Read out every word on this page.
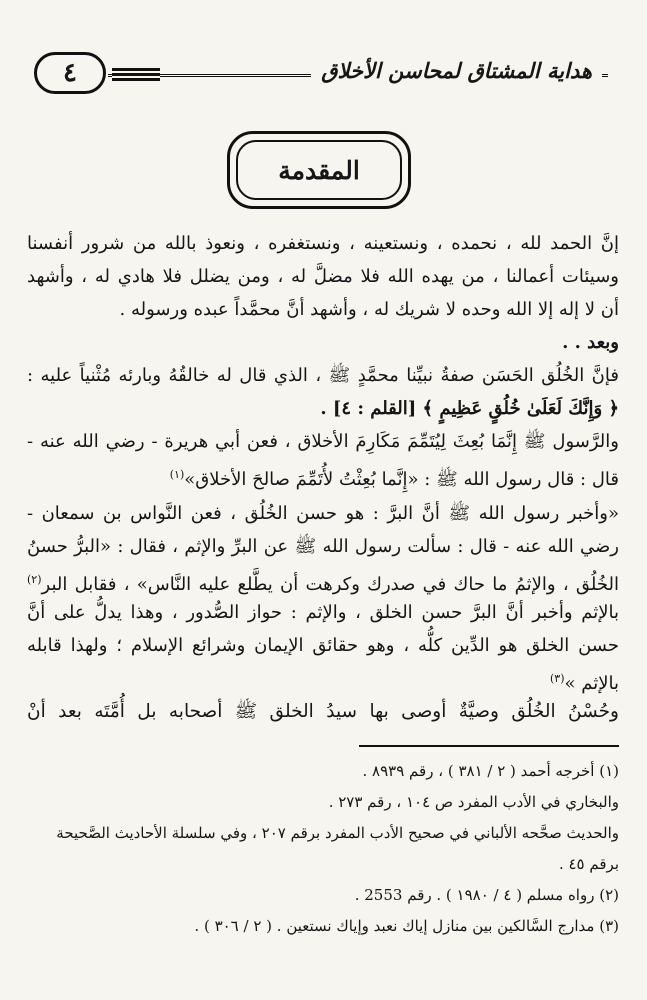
هداية المشتاق لمحاسن الأخلاق
٤
المقدمة
إنَّ الحمد لله ، نحمده ، ونستعينه ، ونستغفره ، ونعوذ بالله من شرور أنفسنا
وسيئات أعمالنا ، من يهده الله فلا مضلَّ له ، ومن يضلل فلا هادي له ، وأشهد
أن لا إله إلا الله وحده لا شريك له ، وأشهد أنَّ محمَّداً عبده ورسوله .
وبعد . .
فإنَّ الخُلُق الحَسَن صفةُ نبيِّنا محمَّدٍ ﷺ ، الذي قال له خالقُهُ وبارئه مُثْنياً عليه :
﴿ وَإِنَّكَ لَعَلَىٰ خُلُقٍ عَظِيمٍ ﴾ [القلم : ٤] .
والرَّسول ﷺ إِنَّمَا بُعِثَ لِيُتَمِّمَ مَكَارِمَ الأخلاق ، فعن أبي هريرة - رضي الله عنه -
قال : قال رسول الله ﷺ : «إِنَّما بُعِثْتُ لأُتَمِّمَ صالحَ الأخلاق»$^{(١)}$
«وأخبر رسول الله ﷺ أنَّ البرَّ : هو حسن الخُلُق ، فعن النَّواس بن سمعان -
رضي الله عنه - قال : سألت رسول الله ﷺ عن البرِّ والإثم ، فقال : «البرُّ حسنُ
الخُلُق ، والإثمُ ما حاك في صدرك وكرهت أن يطَّلع عليه النَّاس» ، فقابل البر$^{(٢)}$
بالإثم وأخبر أنَّ البرَّ حسن الخلق ، والإثم : حواز الصُّدور ، وهذا يدلُّ على أنَّ
حسن الخلق هو الدِّين كلُّه ، وهو حقائق الإيمان وشرائع الإسلام ؛ ولهذا قابله
بالإثم »$^{(٣)}$
وحُسْنُ الخُلُق وصيَّةٌ أوصى بها سيدُ الخلق ﷺ أصحابه بل أُمَّتَه بعد أنْ
(١) أخرجه أحمد ( ٢ / ٣٨١ ) ، رقم ٨٩٣٩ .
والبخاري في الأدب المفرد ص ١٠٤ ، رقم ٢٧٣ .
والحديث صحَّحه الألباني في صحيح الأدب المفرد برقم ٢٠٧ ، وفي سلسلة الأحاديث الصَّحيحة
برقم ٤٥ .
(٢) رواه مسلم ( ٤ / ١٩٨٠ ) . رقم 2553 .
(٣) مدارج السَّالكين بين منازل إياك نعبد وإياك نستعين . ( ٢ / ٣٠٦ ) .
